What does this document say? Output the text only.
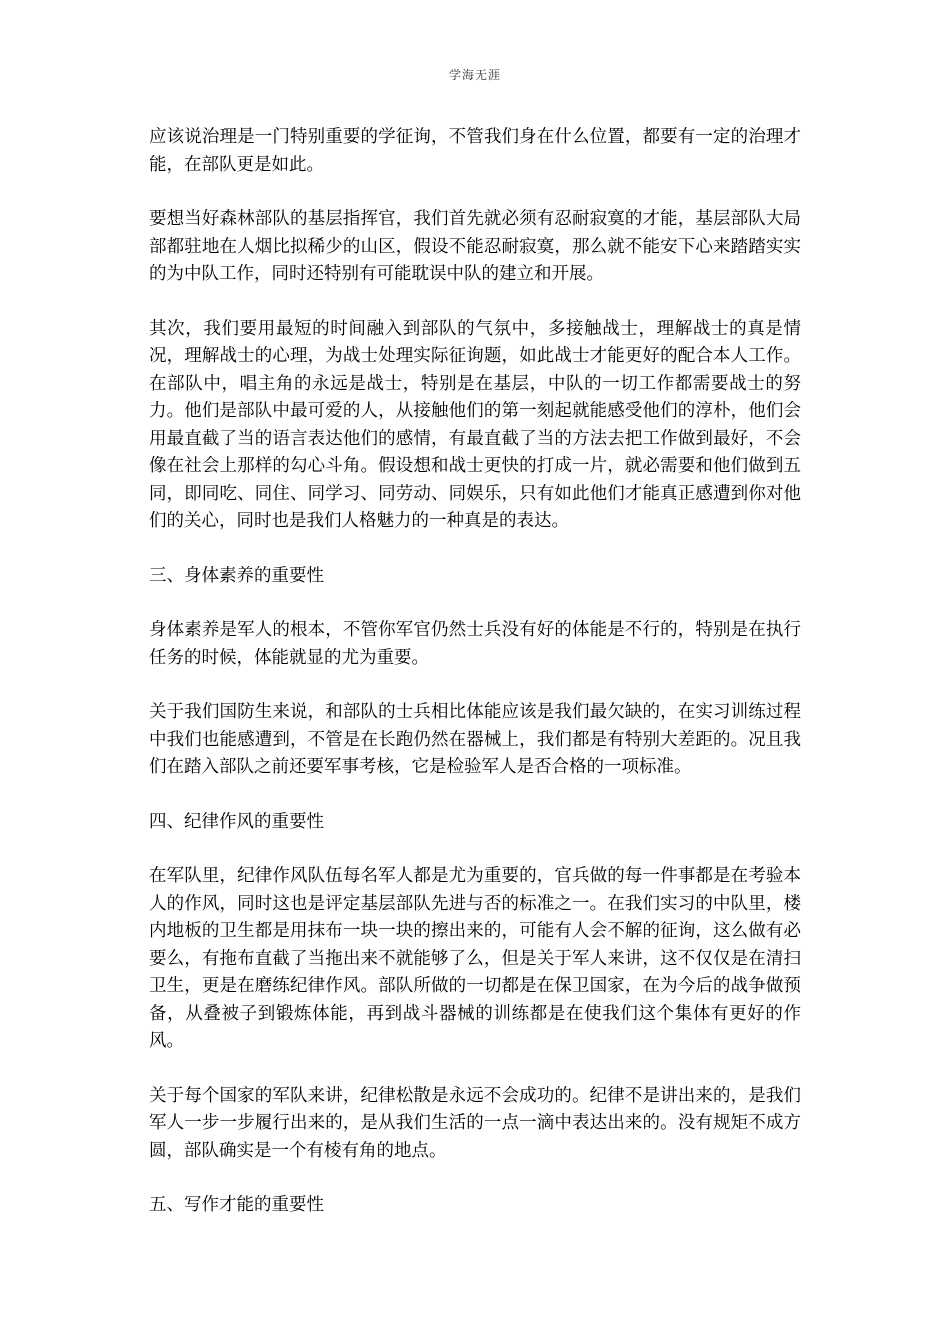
学海无涯

应该说治理是一门特别重要的学征询，不管我们身在什么位置，都要有一定的治理才能，在部队更是如此。

要想当好森林部队的基层指挥官，我们首先就必须有忍耐寂寞的才能，基层部队大局部都驻地在人烟比拟稀少的山区，假设不能忍耐寂寞，那么就不能安下心来踏踏实实的为中队工作，同时还特别有可能耽误中队的建立和开展。

其次，我们要用最短的时间融入到部队的气氛中，多接触战士，理解战士的真是情况，理解战士的心理，为战士处理实际征询题，如此战士才能更好的配合本人工作。在部队中，唱主角的永远是战士，特别是在基层，中队的一切工作都需要战士的努力。他们是部队中最可爱的人，从接触他们的第一刻起就能感受他们的淳朴，他们会用最直截了当的语言表达他们的感情，有最直截了当的方法去把工作做到最好，不会像在社会上那样的勾心斗角。假设想和战士更快的打成一片，就必需要和他们做到五同，即同吃、同住、同学习、同劳动、同娱乐，只有如此他们才能真正感遭到你对他们的关心，同时也是我们人格魅力的一种真是的表达。

三、身体素养的重要性

身体素养是军人的根本，不管你军官仍然士兵没有好的体能是不行的，特别是在执行任务的时候，体能就显的尤为重要。

关于我们国防生来说，和部队的士兵相比体能应该是我们最欠缺的，在实习训练过程中我们也能感遭到，不管是在长跑仍然在器械上，我们都是有特别大差距的。况且我们在踏入部队之前还要军事考核，它是检验军人是否合格的一项标准。

四、纪律作风的重要性

在军队里，纪律作风队伍每名军人都是尤为重要的，官兵做的每一件事都是在考验本人的作风，同时这也是评定基层部队先进与否的标准之一。在我们实习的中队里，楼内地板的卫生都是用抹布一块一块的擦出来的，可能有人会不解的征询，这么做有必要么，有拖布直截了当拖出来不就能够了么，但是关于军人来讲，这不仅仅是在清扫卫生，更是在磨练纪律作风。部队所做的一切都是在保卫国家，在为今后的战争做预备，从叠被子到锻炼体能，再到战斗器械的训练都是在使我们这个集体有更好的作风。

关于每个国家的军队来讲，纪律松散是永远不会成功的。纪律不是讲出来的，是我们军人一步一步履行出来的，是从我们生活的一点一滴中表达出来的。没有规矩不成方圆，部队确实是一个有棱有角的地点。

五、写作才能的重要性
